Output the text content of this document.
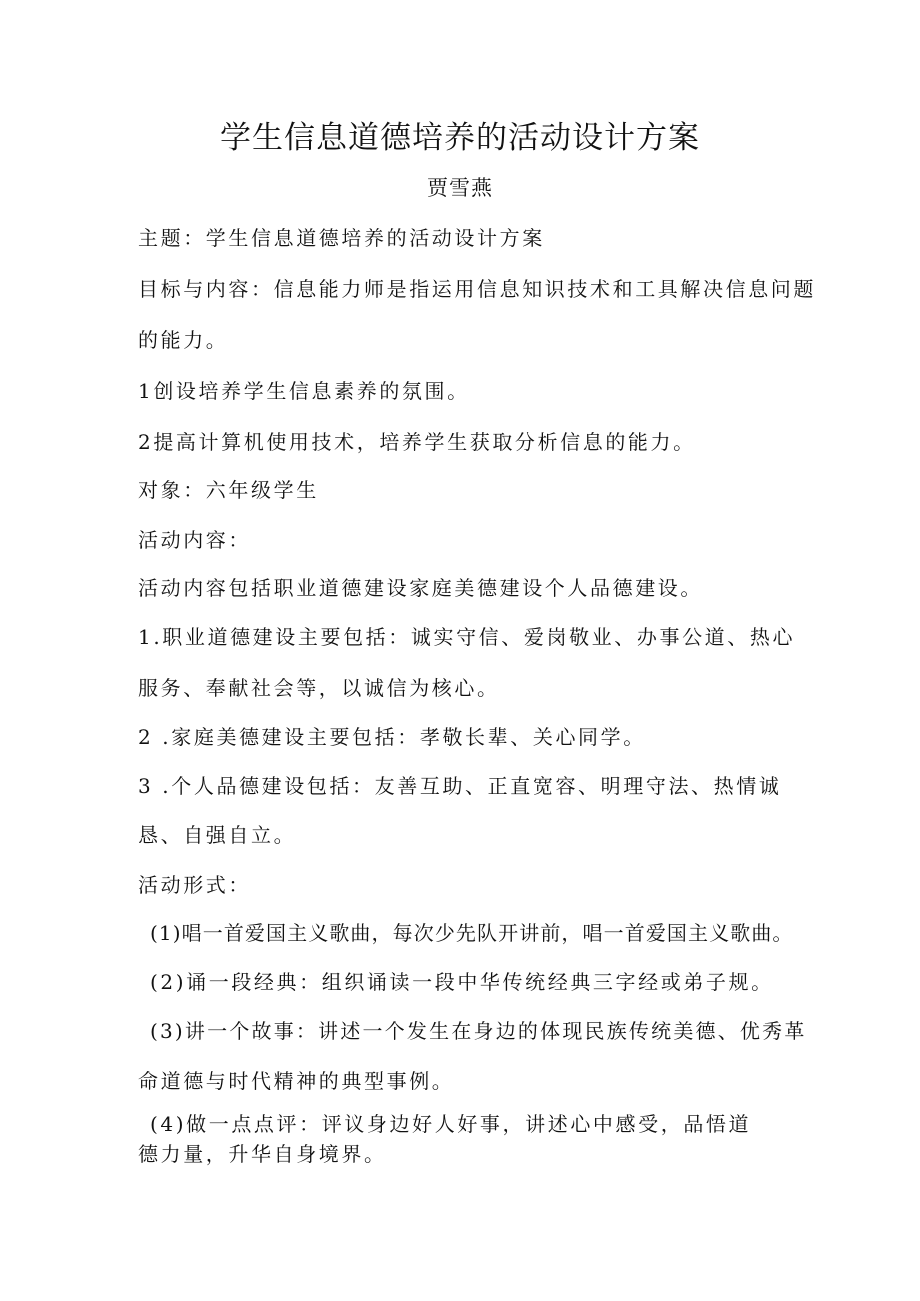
学生信息道德培养的活动设计方案
贾雪燕
主题：学生信息道德培养的活动设计方案
目标与内容：信息能力师是指运用信息知识技术和工具解决信息问题
的能力。
1创设培养学生信息素养的氛围。
2提高计算机使用技术，培养学生获取分析信息的能力。
对象：六年级学生
活动内容：
活动内容包括职业道德建设家庭美德建设个人品德建设。
1.职业道德建设主要包括：诚实守信、爱岗敬业、办事公道、热心
服务、奉献社会等，以诚信为核心。
2 .家庭美德建设主要包括：孝敬长辈、关心同学。
3 .个人品德建设包括：友善互助、正直宽容、明理守法、热情诚
恳、自强自立。
活动形式：
(1)唱一首爱国主义歌曲，每次少先队开讲前，唱一首爱国主义歌曲。
(2)诵一段经典：组织诵读一段中华传统经典三字经或弟子规。
(3)讲一个故事：讲述一个发生在身边的体现民族传统美德、优秀革
命道德与时代精神的典型事例。
(4)做一点点评：评议身边好人好事，讲述心中感受，品悟道
德力量，升华自身境界。
